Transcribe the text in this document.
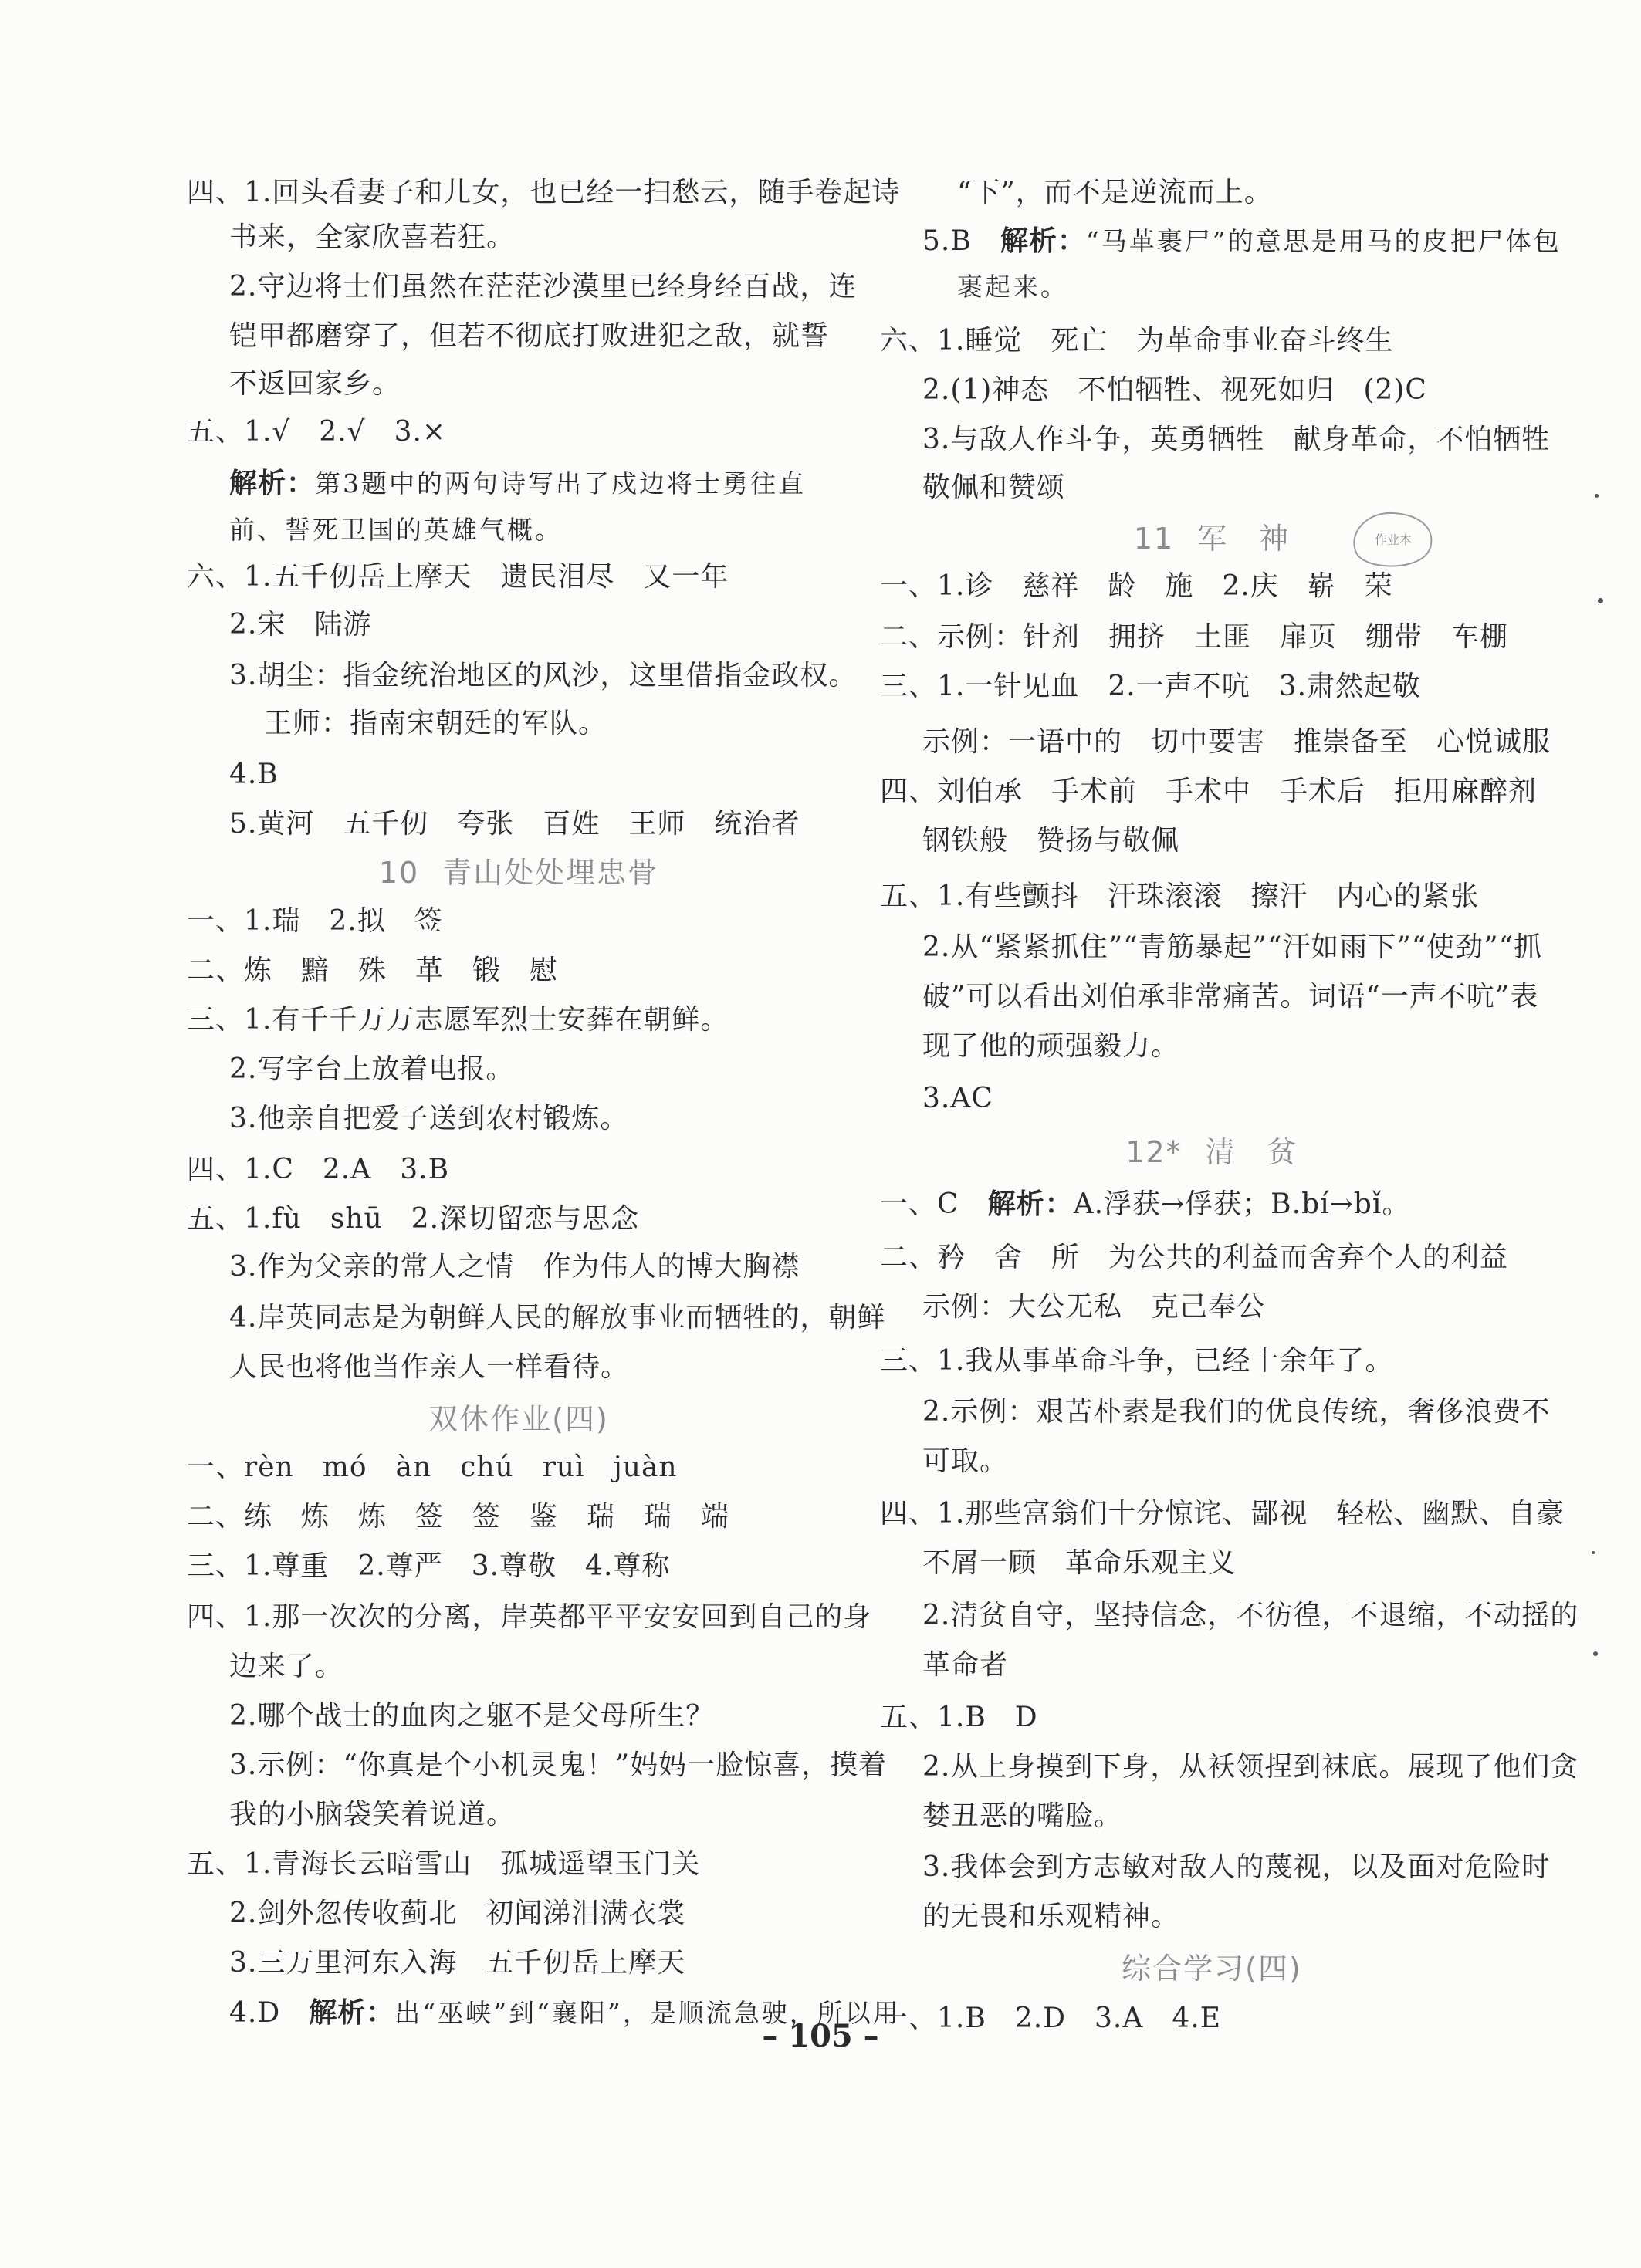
四、1.回头看妻子和儿女，也已经一扫愁云，随手卷起诗
书来，全家欣喜若狂。
2.守边将士们虽然在茫茫沙漠里已经身经百战，连
铠甲都磨穿了，但若不彻底打败进犯之敌，就誓
不返回家乡。
五、1.√　2.√　3.×
解析：第3题中的两句诗写出了戍边将士勇往直
前、誓死卫国的英雄气概。
六、1.五千仞岳上摩天　遗民泪尽　又一年
2.宋　陆游
3.胡尘：指金统治地区的风沙，这里借指金政权。
王师：指南宋朝廷的军队。
4.B
5.黄河　五千仞　夸张　百姓　王师　统治者
10 青山处处埋忠骨
一、1.瑞　2.拟　签
二、炼　黯　殊　革　锻　慰
三、1.有千千万万志愿军烈士安葬在朝鲜。
2.写字台上放着电报。
3.他亲自把爱子送到农村锻炼。
四、1.C　2.A　3.B
五、1.fù　shū　2.深切留恋与思念
3.作为父亲的常人之情　作为伟人的博大胸襟
4.岸英同志是为朝鲜人民的解放事业而牺牲的，朝鲜
人民也将他当作亲人一样看待。
双休作业(四)
一、rèn　mó　àn　chú　ruì　juàn
二、练　炼　炼　签　签　鉴　瑞　瑞　端
三、1.尊重　2.尊严　3.尊敬　4.尊称
四、1.那一次次的分离，岸英都平平安安回到自己的身
边来了。
2.哪个战士的血肉之躯不是父母所生？
3.示例：“你真是个小机灵鬼！”妈妈一脸惊喜，摸着
我的小脑袋笑着说道。
五、1.青海长云暗雪山　孤城遥望玉门关
2.剑外忽传收蓟北　初闻涕泪满衣裳
3.三万里河东入海　五千仞岳上摩天
4.D　 解析：出“巫峡”到“襄阳”，是顺流急驶，所以用
“下”，而不是逆流而上。
5.B　 解析：“马革裹尸”的意思是用马的皮把尸体包
裹起来。
六、1.睡觉　死亡　为革命事业奋斗终生
2.(1)神态　不怕牺牲、视死如归　(2)C
3.与敌人作斗争，英勇牺牲　献身革命，不怕牺牲
敬佩和赞颂
11 军　神
一、1.诊　慈祥　龄　施　2.庆　崭　荣
二、示例：针剂　拥挤　土匪　扉页　绷带　车棚
三、1.一针见血　2.一声不吭　3.肃然起敬
示例：一语中的　切中要害　推崇备至　心悦诚服
四、刘伯承　手术前　手术中　手术后　拒用麻醉剂
钢铁般　赞扬与敬佩
五、1.有些颤抖　汗珠滚滚　擦汗　内心的紧张
2.从“紧紧抓住”“青筋暴起”“汗如雨下”“使劲”“抓
破”可以看出刘伯承非常痛苦。词语“一声不吭”表
现了他的顽强毅力。
3.AC
12* 清　贫
一、C　 解析：A.浮获→俘获；B.bí→bǐ。
二、矜　舍　所　为公共的利益而舍弃个人的利益
示例：大公无私　克己奉公
三、1.我从事革命斗争，已经十余年了。
2.示例：艰苦朴素是我们的优良传统，奢侈浪费不
可取。
四、1.那些富翁们十分惊诧、鄙视　轻松、幽默、自豪
不屑一顾　革命乐观主义
2.清贫自守，坚持信念，不彷徨，不退缩，不动摇的
革命者
五、1.B　D
2.从上身摸到下身，从袄领捏到袜底。展现了他们贪
婪丑恶的嘴脸。
3.我体会到方志敏对敌人的蔑视，以及面对危险时
的无畏和乐观精神。
综合学习(四)
一、1.B　2.D　3.A　4.E
作业本
– 105 –
